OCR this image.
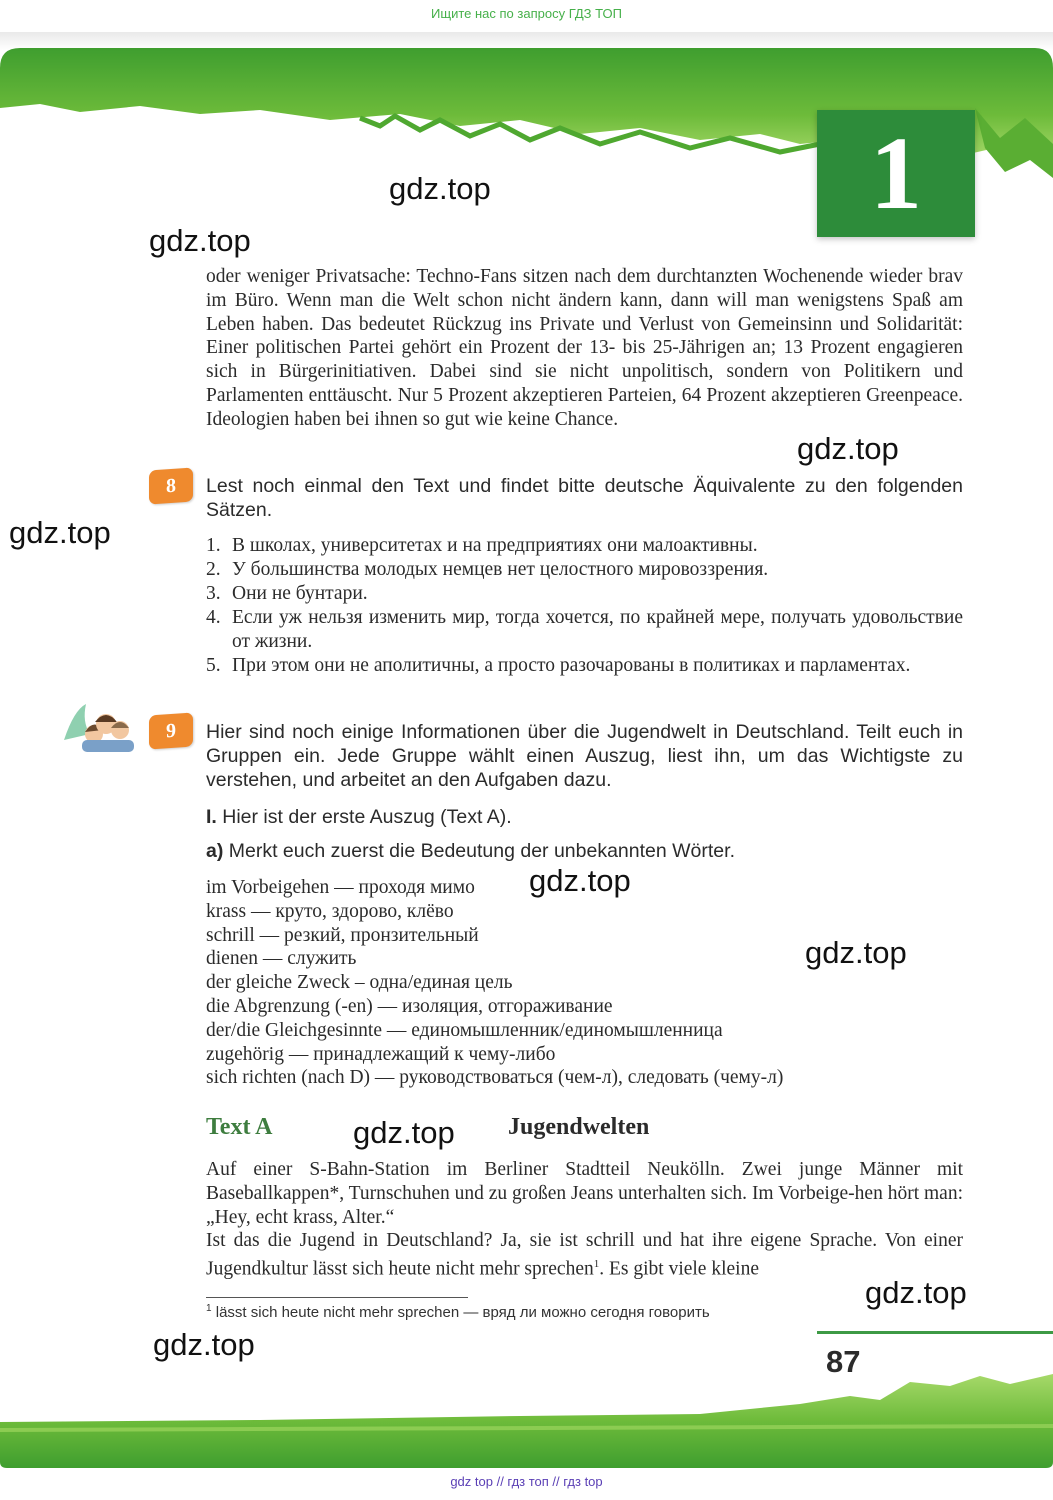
Ищите нас по запросу ГДЗ ТОП
1
gdz.top
gdz.top
gdz.top
gdz.top
gdz.top
gdz.top
gdz.top
gdz.top
gdz.top

oder weniger Privatsache: Techno-Fans sitzen nach dem durchtanzten Wochenende wieder brav im Büro. Wenn man die Welt schon nicht ändern kann, dann will man wenigstens Spaß am Leben haben. Das bedeutet Rückzug ins Private und Verlust von Gemeinsinn und Solidarität: Einer politischen Partei gehört ein Prozent der 13- bis 25-Jährigen an; 13 Prozent engagieren sich in Bürgerinitiativen. Dabei sind sie nicht unpolitisch, sondern von Politikern und Parlamenten enttäuscht. Nur 5 Prozent akzeptieren Parteien, 64 Prozent akzeptieren Greenpeace. Ideologien haben bei ihnen so gut wie keine Chance.

8	Lest noch einmal den Text und findet bitte deutsche Äquivalente zu den folgenden Sätzen.

1. В школах, университетах и на предприятиях они малоактивны.
2. У большинства молодых немцев нет целостного мировоззрения.
3. Они не бунтари.
4. Если уж нельзя изменить мир, тогда хочется, по крайней мере, получать удовольствие от жизни.
5. При этом они не аполитичны, а просто разочарованы в политиках и парламентах.
9	Hier sind noch einige Informationen über die Jugendwelt in Deutschland. Teilt euch in Gruppen ein. Jede Gruppe wählt einen Auszug, liest ihn, um das Wichtigste zu verstehen, und arbeitet an den Aufgaben dazu.

I. Hier ist der erste Auszug (Text A).

a) Merkt euch zuerst die Bedeutung der unbekannten Wörter.

im Vorbeigehen — проходя мимо
krass — круто, здорово, клёво
schrill — резкий, пронзительный
dienen — служить
der gleiche Zweck – одна/единая цель
die Abgrenzung (-en) — изоляция, отгораживание
der/die Gleichgesinnte — единомышленник/единомышленница
zugehörig — принадлежащий к чему-либо
sich richten (nach D) — руководствоваться (чем-л), следовать (чему-л)
Text A	Jugendwelten

Auf einer S-Bahn-Station im Berliner Stadtteil Neukölln. Zwei junge Männer mit Baseballkappen*, Turnschuhen und zu großen Jeans unterhalten sich. Im Vorbeige-hen hört man: „Hey, echt krass, Alter.“

Ist das die Jugend in Deutschland? Ja, sie ist schrill und hat ihre eigene Sprache. Von einer Jugendkultur lässt sich heute nicht mehr sprechen$^1$. Es gibt viele kleine

$^1$ lässt sich heute nicht mehr sprechen — вряд ли можно сегодня говорить
87
gdz top // гдз топ // гдз top
